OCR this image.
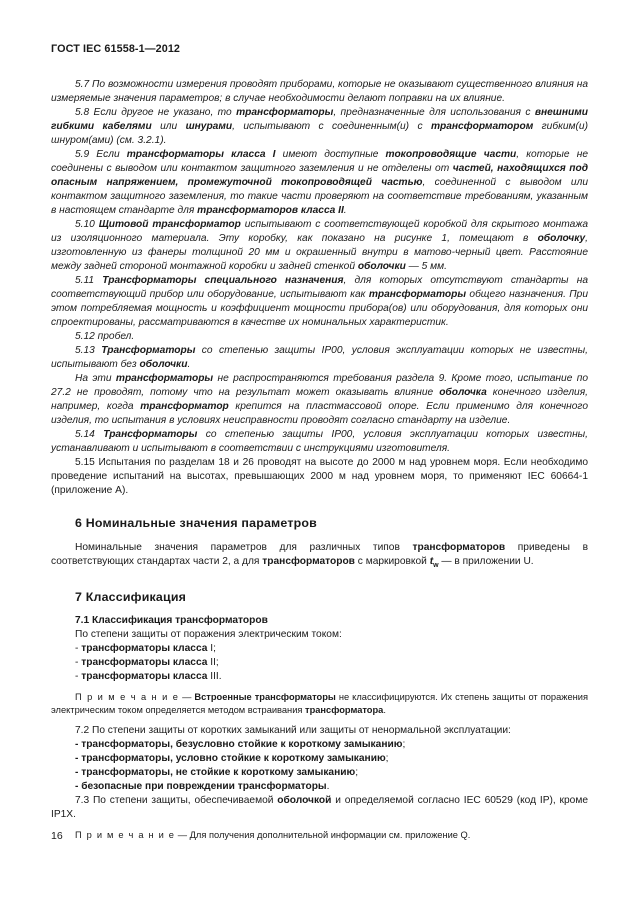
ГОСТ IEC 61558-1—2012

5.7 По возможности измерения проводят приборами, которые не оказывают существенного влияния на измеряемые значения параметров; в случае необходимости делают поправки на их влияние.

5.8 Если другое не указано, то трансформаторы, предназначенные для использования с внешними гибкими кабелями или шнурами, испытывают с соединенным(и) с трансформатором гибким(и) шнуром(ами) (см. 3.2.1).

5.9 Если трансформаторы класса I имеют доступные токопроводящие части, которые не соединены с выводом или контактом защитного заземления и не отделены от частей, находящихся под опасным напряжением, промежуточной токопроводящей частью, соединенной с выводом или контактом защитного заземления, то такие части проверяют на соответствие требованиям, указанным в настоящем стандарте для трансформаторов класса II.

5.10 Щитовой трансформатор испытывают с соответствующей коробкой для скрытого монтажа из изоляционного материала. Эту коробку, как показано на рисунке 1, помещают в оболочку, изготовленную из фанеры толщиной 20 мм и окрашенный внутри в матово-черный цвет. Расстояние между задней стороной монтажной коробки и задней стенкой оболочки — 5 мм.

5.11 Трансформаторы специального назначения, для которых отсутствуют стандарты на соответствующий прибор или оборудование, испытывают как трансформаторы общего назначения. При этом потребляемая мощность и коэффициент мощности прибора(ов) или оборудования, для которых они спроектированы, рассматриваются в качестве их номинальных характеристик.

5.12 пробел.

5.13 Трансформаторы со степенью защиты IP00, условия эксплуатации которых не известны, испытывают без оболочки.

На эти трансформаторы не распространяются требования раздела 9. Кроме того, испытание по 27.2 не проводят, потому что на результат может оказывать влияние оболочка конечного изделия, например, когда трансформатор крепится на пластмассовой опоре. Если применимо для конечного изделия, то испытания в условиях неисправности проводят согласно стандарту на изделие.

5.14 Трансформаторы со степенью защиты IP00, условия эксплуатации которых известны, устанавливают и испытывают в соответствии с инструкциями изготовителя.

5.15 Испытания по разделам 18 и 26 проводят на высоте до 2000 м над уровнем моря. Если необходимо проведение испытаний на высотах, превышающих 2000 м над уровнем моря, то применяют IEC 60664-1 (приложение А).

6 Номинальные значения параметров

Номинальные значения параметров для различных типов трансформаторов приведены в соответствующих стандартах части 2, а для трансформаторов с маркировкой $t_w$ — в приложении U.

7 Классификация

7.1 Классификация трансформаторов

По степени защиты от поражения электрическим током:

- трансформаторы класса I;

- трансформаторы класса II;

- трансформаторы класса III.

П р и м е ч а н и е — Встроенные трансформаторы не классифицируются. Их степень защиты от поражения электрическим током определяется методом встраивания трансформатора.

7.2 По степени защиты от коротких замыканий или защиты от ненормальной эксплуатации:

- трансформаторы, безусловно стойкие к короткому замыканию;

- трансформаторы, условно стойкие к короткому замыканию;

- трансформаторы, не стойкие к короткому замыканию;

- безопасные при повреждении трансформаторы.

7.3 По степени защиты, обеспечиваемой оболочкой и определяемой согласно IEC 60529 (код IP), кроме IP1X.

П р и м е ч а н и е — Для получения дополнительной информации см. приложение Q.

16
